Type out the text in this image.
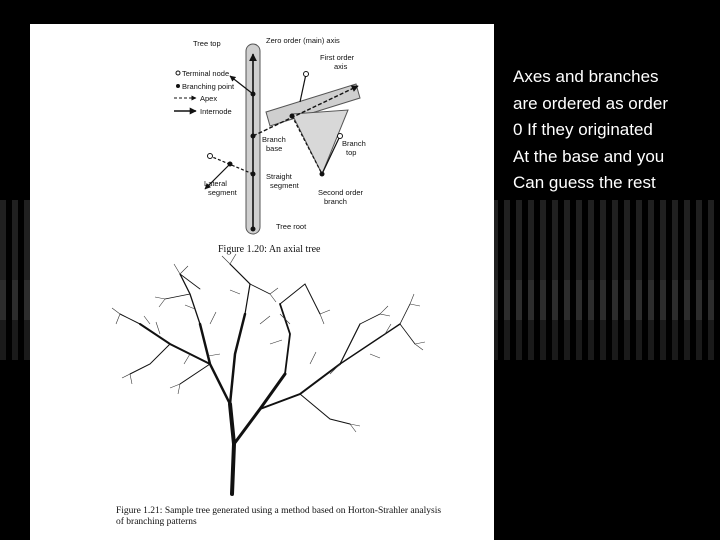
Tree top	Zero order (main) axis
First order
axis
Terminal node
Branching point
Apex
Internode
Branch
base
Branch
top
Lateral
segment
Straight
segment
Second order
branch
Tree root
Figure 1.20: An axial tree
Figure 1.21: Sample tree generated using a method based on Horton-Strahler analysis of branching patterns
Axes and branches
are ordered as order
0 If they originated
At the base and you
Can guess the rest
